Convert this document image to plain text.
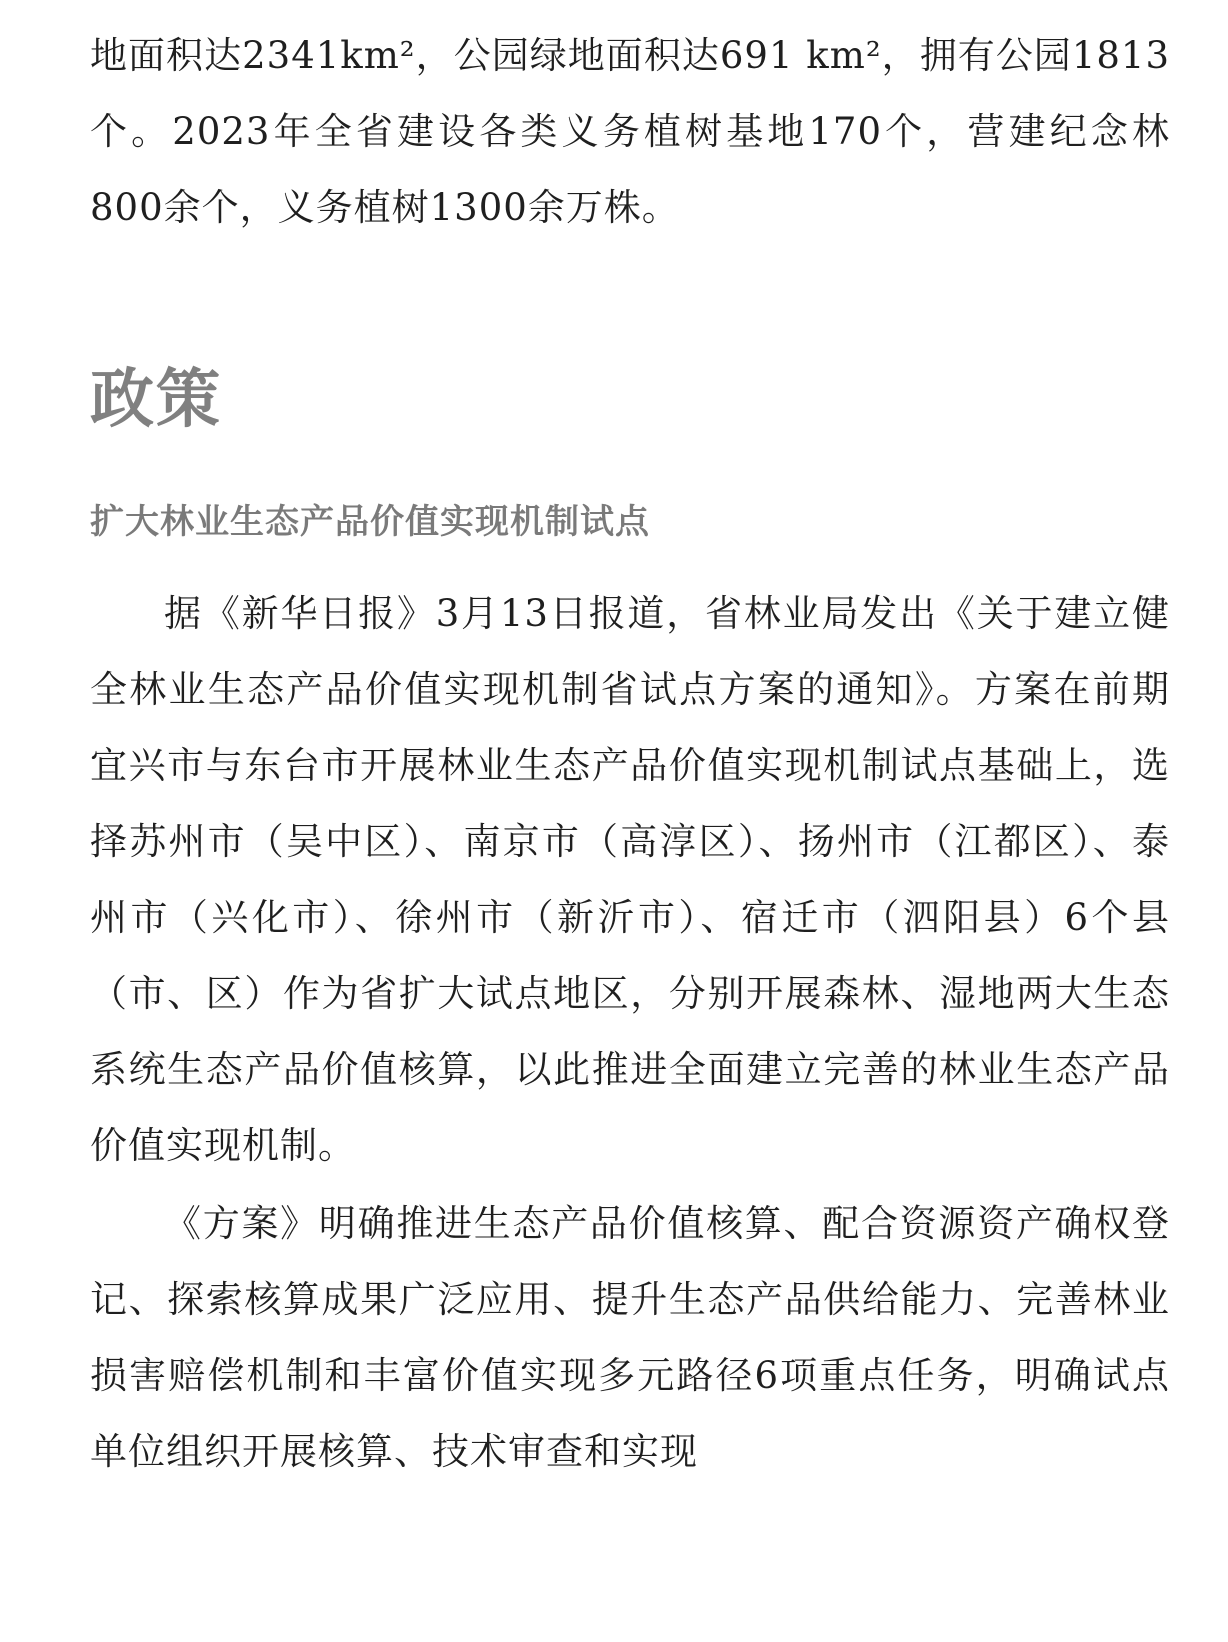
地面积达2341km²，公园绿地面积达691 km²，拥有公园1813个。2023年全省建设各类义务植树基地170个，营建纪念林800余个，义务植树1300余万株。

政策
扩大林业生态产品价值实现机制试点

据《新华日报》3月13日报道，省林业局发出《关于建立健全林业生态产品价值实现机制省试点方案的通知》。方案在前期宜兴市与东台市开展林业生态产品价值实现机制试点基础上，选择苏州市（吴中区）、南京市（高淳区）、扬州市（江都区）、泰州市（兴化市）、徐州市（新沂市）、宿迁市（泗阳县）6个县（市、区）作为省扩大试点地区，分别开展森林、湿地两大生态系统生态产品价值核算，以此推进全面建立完善的林业生态产品价值实现机制。

《方案》明确推进生态产品价值核算、配合资源资产确权登记、探索核算成果广泛应用、提升生态产品供给能力、完善林业损害赔偿机制和丰富价值实现多元路径6项重点任务，明确试点单位组织开展核算、技术审查和实现
